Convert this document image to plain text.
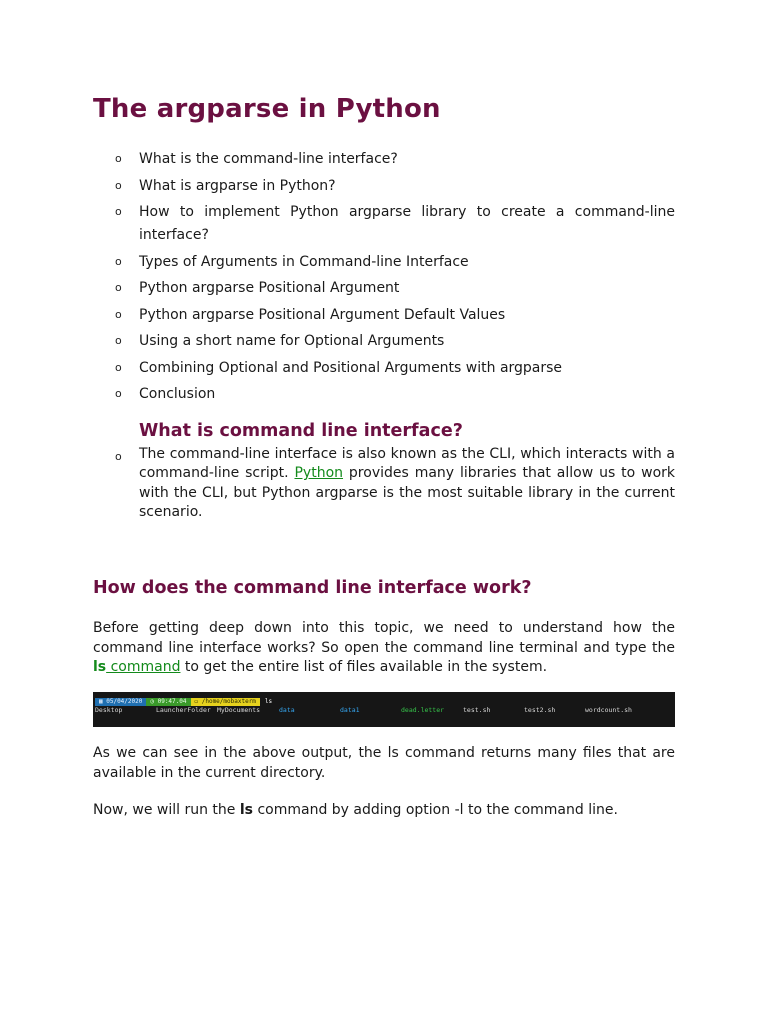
The argparse in Python
o What is the command-line interface?
o What is argparse in Python?
o How to implement Python argparse library to create a command-line interface?
o Types of Arguments in Command-line Interface
o Python argparse Positional Argument
o Python argparse Positional Argument Default Values
o Using a short name for Optional Arguments
o Combining Optional and Positional Arguments with argparse
o Conclusion
What is command line interface?
o The command-line interface is also known as the CLI, which interacts with a command-line script. Python provides many libraries that allow us to work with the CLI, but Python argparse is the most suitable library in the current scenario.

How does the command line interface work?

Before getting deep down into this topic, we need to understand how the command line interface works? So open the command line terminal and type the ls command to get the entire list of files available in the system.

▦ 05/04/2020	◷ 09:47.04	▭ /home/mobaxterm	ls
Desktop	LauncherFolder MyDocuments	data	data1	dead.letter	test.sh	test2.sh	wordcount.sh

As we can see in the above output, the ls command returns many files that are available in the current directory.

Now, we will run the ls command by adding option -l to the command line.
